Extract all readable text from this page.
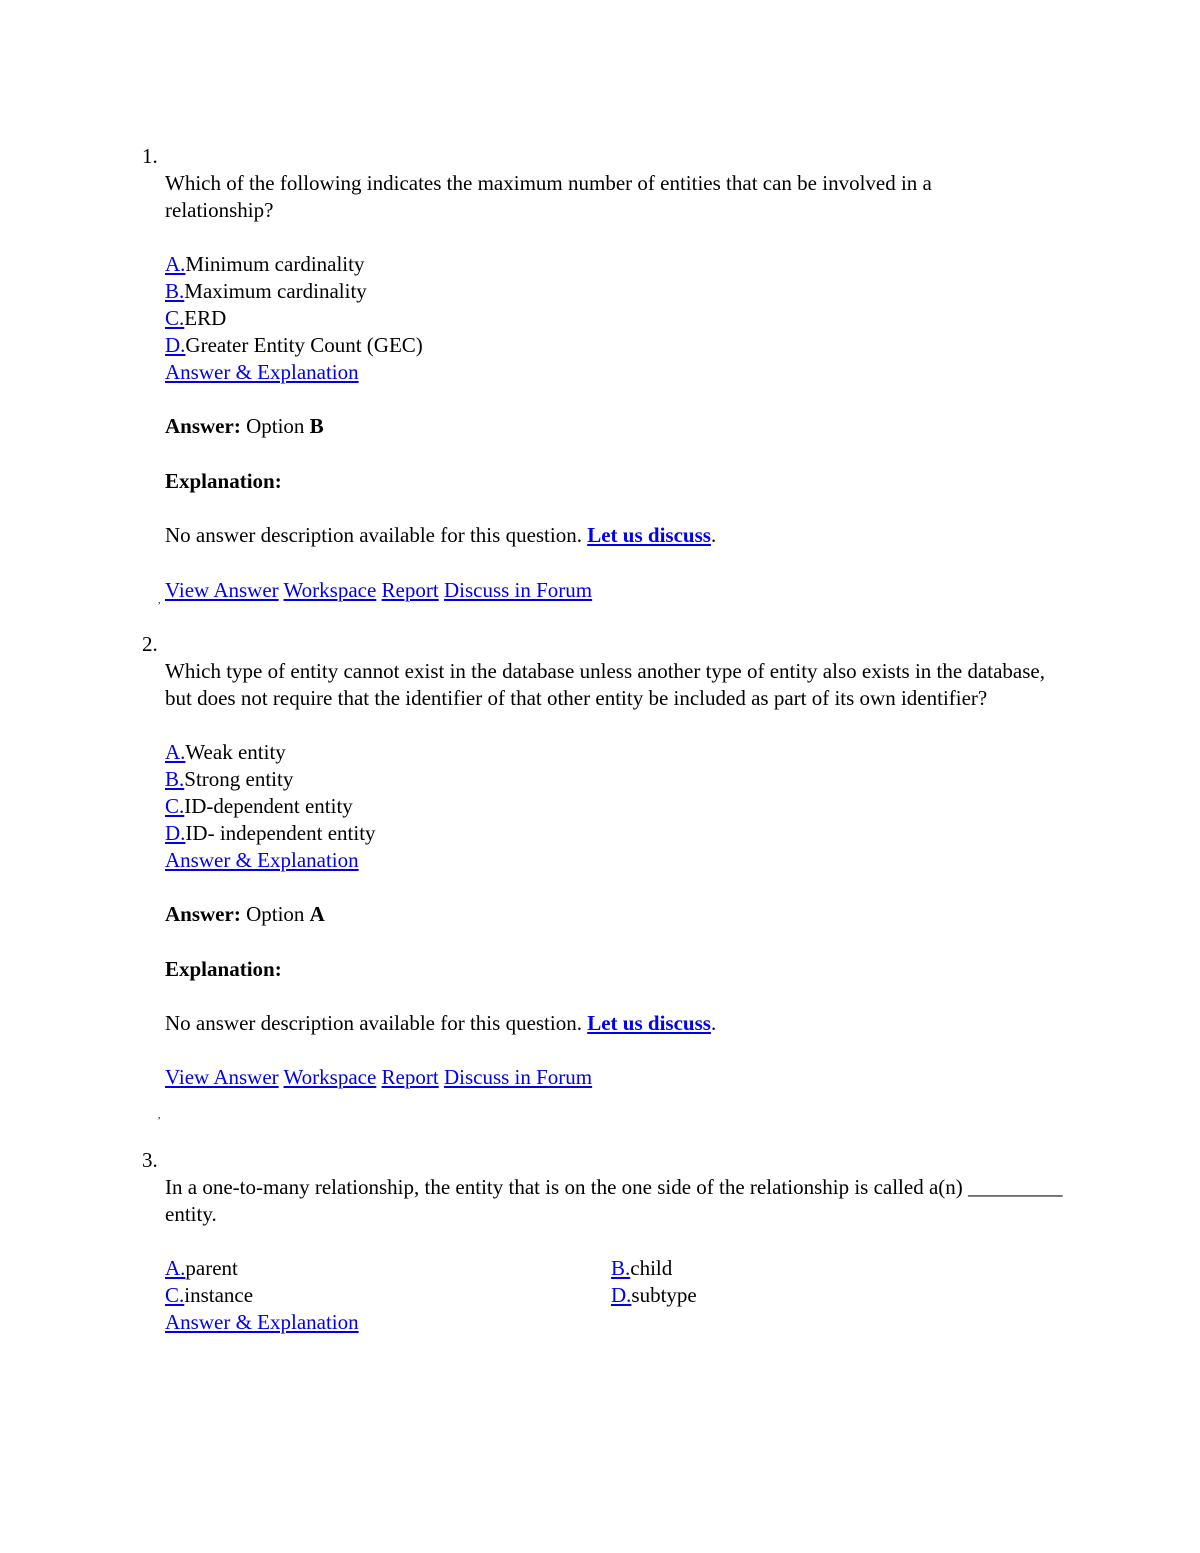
1.

Which of the following indicates the maximum number of entities that can be involved in a relationship?

A.Minimum cardinality
B.Maximum cardinality
C.ERD
D.Greater Entity Count (GEC)
Answer & Explanation
Answer: Option B
Explanation:
No answer description available for this question. Let us discuss.
View Answer Workspace Report Discuss in Forum
,
2.

Which type of entity cannot exist in the database unless another type of entity also exists in the database, but does not require that the identifier of that other entity be included as part of its own identifier?

A.Weak entity
B.Strong entity
C.ID-dependent entity
D.ID- independent entity
Answer & Explanation
Answer: Option A
Explanation:
No answer description available for this question. Let us discuss.
View Answer Workspace Report Discuss in Forum
,
3.

In a one-to-many relationship, the entity that is on the one side of the relationship is called a(n) _________ entity.

A.parent	B.child
C.instance	D.subtype
Answer & Explanation
